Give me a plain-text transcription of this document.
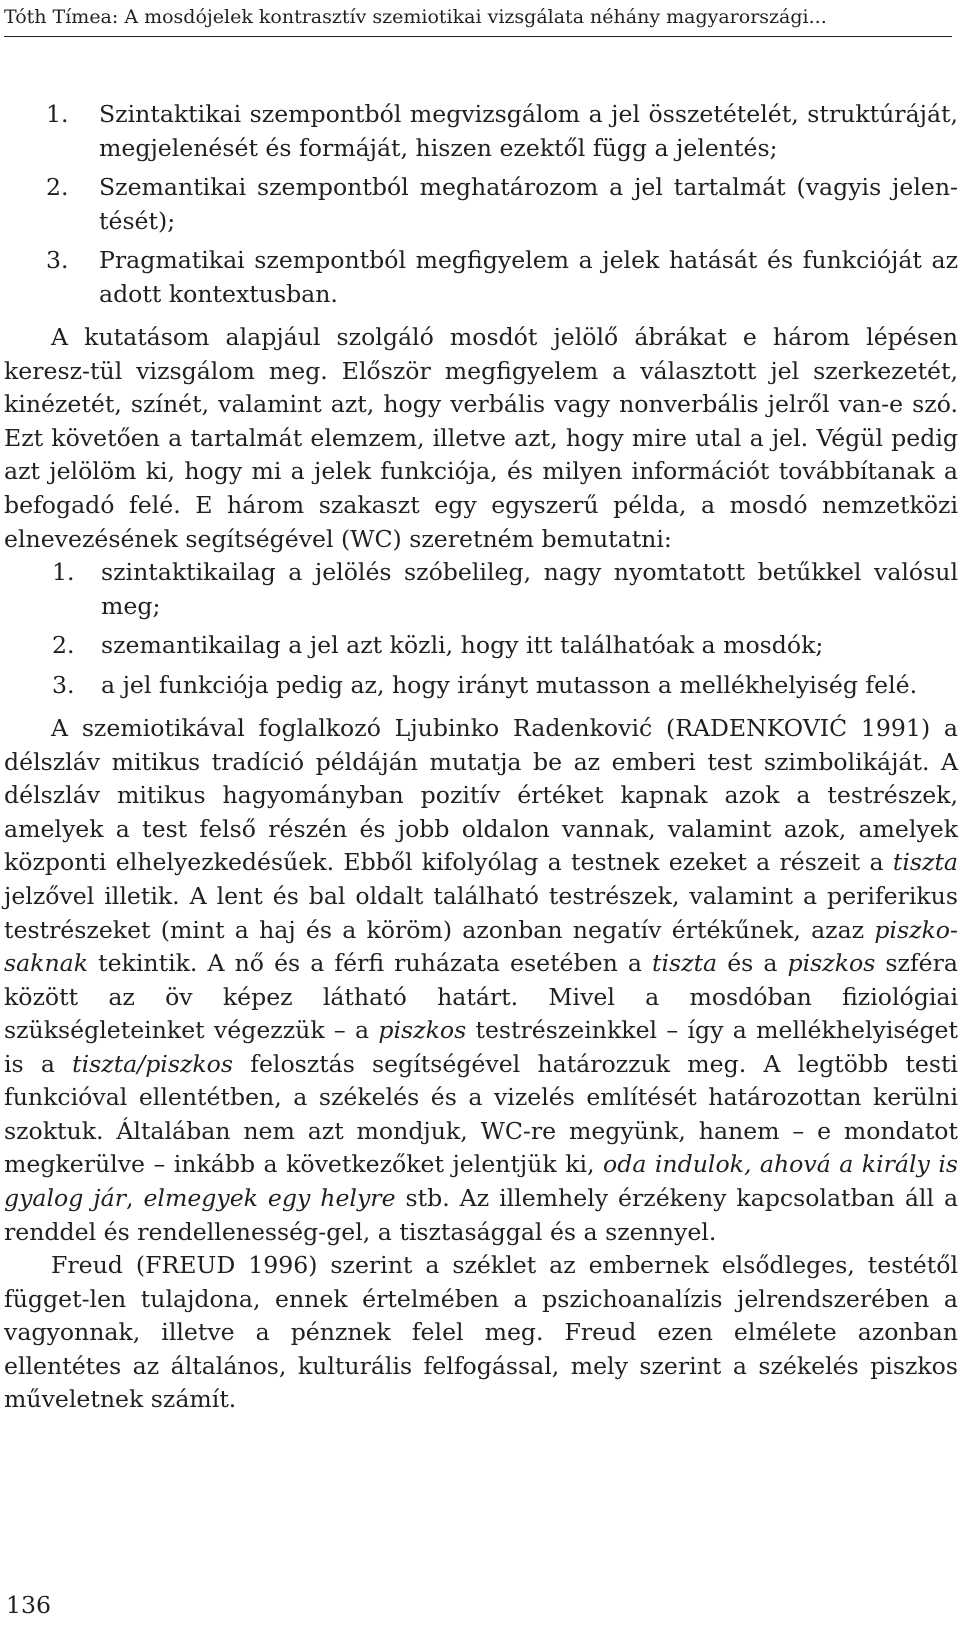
Tóth Tímea: A mosdójelek kontrasztív szemiotikai vizsgálata néhány magyarországi...
1. Szintaktikai szempontból megvizsgálom a jel összetételét, struktúráját, megjelenését és formáját, hiszen ezektől függ a jelentés;
2. Szemantikai szempontból meghatározom a jel tartalmát (vagyis jelen-tését);
3. Pragmatikai szempontból megfigyelem a jelek hatását és funkcióját az adott kontextusban.

A kutatásom alapjául szolgáló mosdót jelölő ábrákat e három lépésen keresz-tül vizsgálom meg. Először megfigyelem a választott jel szerkezetét, kinézetét, színét, valamint azt, hogy verbális vagy nonverbális jelről van-e szó. Ezt követően a tartalmát elemzem, illetve azt, hogy mire utal a jel. Végül pedig azt jelölöm ki, hogy mi a jelek funkciója, és milyen információt továbbítanak a befogadó felé. E három szakaszt egy egyszerű példa, a mosdó nemzetközi elnevezésének segítségével (WC) szeretném bemutatni:

1. szintaktikailag a jelölés szóbelileg, nagy nyomtatott betűkkel valósul meg;
2. szemantikailag a jel azt közli, hogy itt találhatóak a mosdók;
3. a jel funkciója pedig az, hogy irányt mutasson a mellékhelyiség felé.

A szemiotikával foglalkozó Ljubinko Radenković (RADENKOVIĆ 1991) a délszláv mitikus tradíció példáján mutatja be az emberi test szimbolikáját. A délszláv mitikus hagyományban pozitív értéket kapnak azok a testrészek, amelyek a test felső részén és jobb oldalon vannak, valamint azok, amelyek központi elhelyezkedésűek. Ebből kifolyólag a testnek ezeket a részeit a tiszta jelzővel illetik. A lent és bal oldalt található testrészek, valamint a periferikus testrészeket (mint a haj és a köröm) azonban negatív értékűnek, azaz piszko-saknak tekintik. A nő és a férfi ruházata esetében a tiszta és a piszkos szféra között az öv képez látható határt. Mivel a mosdóban fiziológiai szükségleteinket végezzük – a piszkos testrészeinkkel – így a mellékhelyiséget is a tiszta/piszkos felosztás segítségével határozzuk meg. A legtöbb testi funkcióval ellentétben, a székelés és a vizelés említését határozottan kerülni szoktuk. Általában nem azt mondjuk, WC-re megyünk, hanem – e mondatot megkerülve – inkább a következőket jelentjük ki, oda indulok, ahová a király is gyalog jár, elmegyek egy helyre stb. Az illemhely érzékeny kapcsolatban áll a renddel és rendellenesség-gel, a tisztasággal és a szennyel.

Freud (FREUD 1996) szerint a széklet az embernek elsődleges, testétől függet-len tulajdona, ennek értelmében a pszichoanalízis jelrendszerében a vagyonnak, illetve a pénznek felel meg. Freud ezen elmélete azonban ellentétes az általános, kulturális felfogással, mely szerint a székelés piszkos műveletnek számít.

136
